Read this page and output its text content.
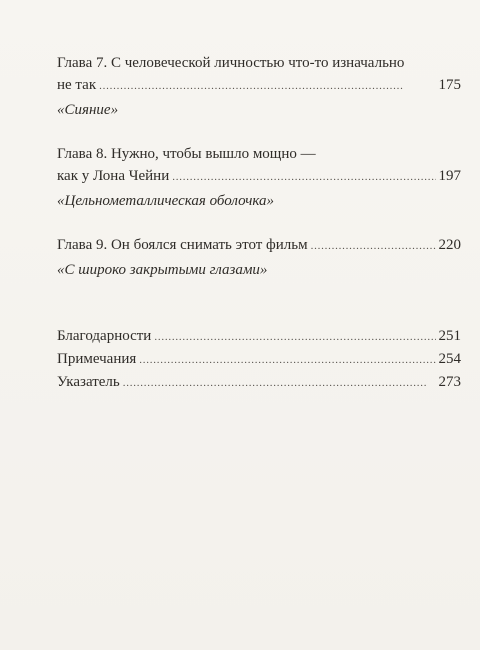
Глава 7. С человеческой личностью что-то изначально
не так . . .	175
«Сияние»
Глава 8. Нужно, чтобы вышло мощно —
как у Лона Чейни . . .	197
«Цельнометаллическая оболочка»
Глава 9. Он боялся снимать этот фильм . . .	220
«С широко закрытыми глазами»
Благодарности . . .	251
Примечания . . .	254
Указатель . . .	273
